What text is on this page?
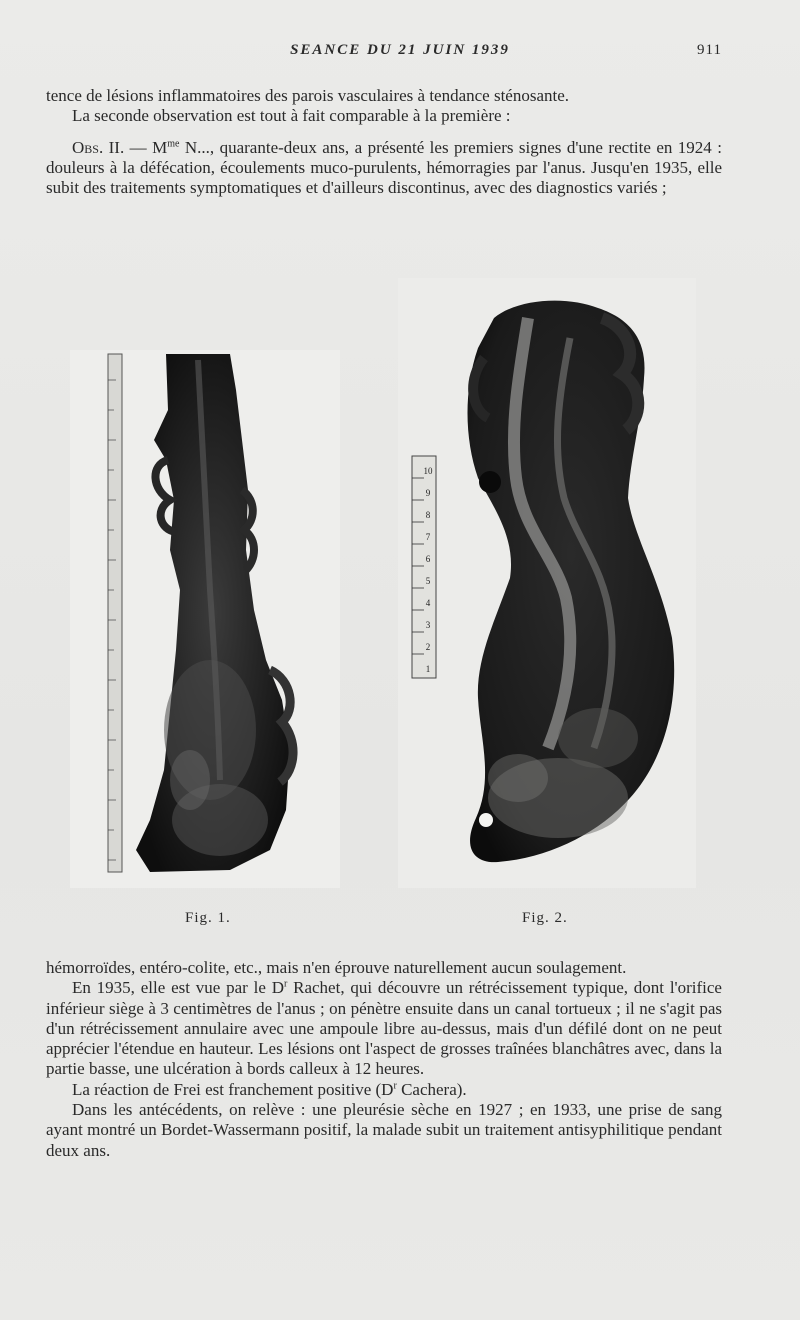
SEANCE DU 21 JUIN 1939	911

tence de lésions inflammatoires des parois vasculaires à tendance sténosante.

La seconde observation est tout à fait comparable à la première :

Obs. II. — $M^{me}$ N..., quarante-deux ans, a présenté les premiers signes d'une rectite en 1924 : douleurs à la défécation, écoulements muco-purulents, hémorragies par l'anus. Jusqu'en 1935, elle subit des traitements symptomatiques et d'ailleurs discontinus, avec des diagnostics variés ;

Fig. 1.
1
2
3
4
5
6
7
8
9
10
Fig. 2.

hémorroïdes, entéro-colite, etc., mais n'en éprouve naturellement aucun soulagement.

En 1935, elle est vue par le $D^r$ Rachet, qui découvre un rétrécissement typique, dont l'orifice inférieur siège à 3 centimètres de l'anus ; on pénètre ensuite dans un canal tortueux ; il ne s'agit pas d'un rétrécissement annulaire avec une ampoule libre au-dessus, mais d'un défilé dont on ne peut apprécier l'étendue en hauteur. Les lésions ont l'aspect de grosses traînées blanchâtres avec, dans la partie basse, une ulcération à bords calleux à 12 heures.

La réaction de Frei est franchement positive ($D^r$ Cachera).

Dans les antécédents, on relève : une pleurésie sèche en 1927 ; en 1933, une prise de sang ayant montré un Bordet-Wassermann positif, la malade subit un traitement antisyphilitique pendant deux ans.
